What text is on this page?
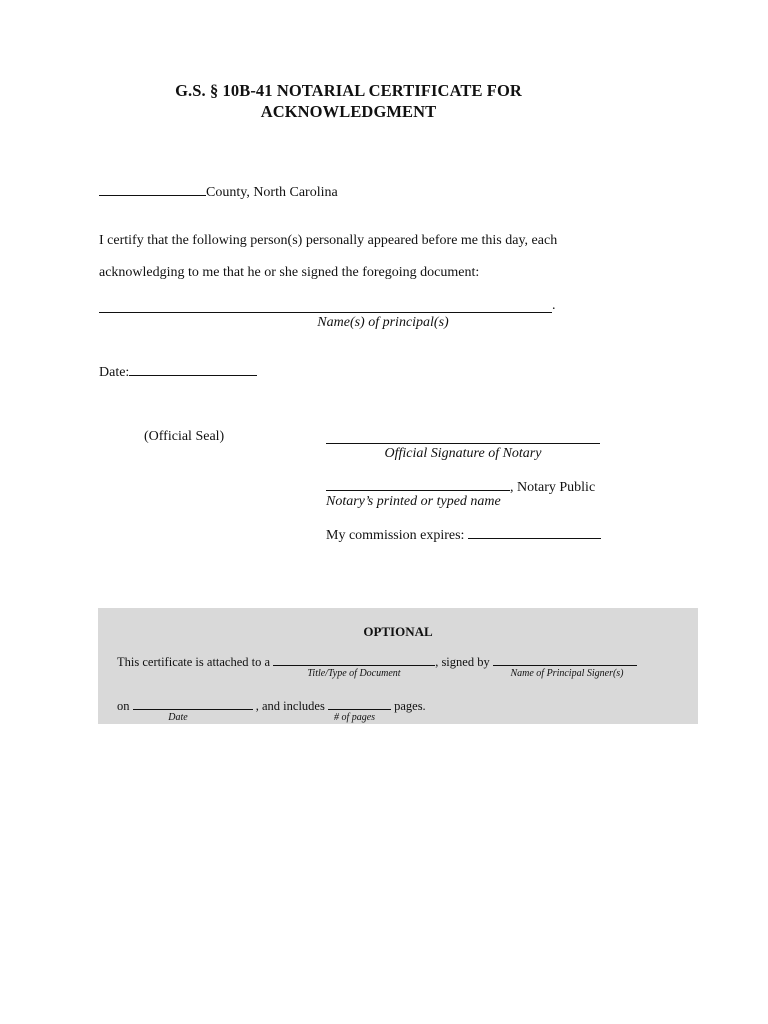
G.S. § 10B-41 NOTARIAL CERTIFICATE FOR
ACKNOWLEDGMENT
County, North Carolina
I certify that the following person(s) personally appeared before me this day, each
acknowledging to me that he or she signed the foregoing document:
.
Name(s) of principal(s)
Date:
(Official Seal)
Official Signature of Notary
, Notary Public
Notary’s printed or typed name
My commission expires:
OPTIONAL
This certificate is attached to a	, signed by
Title/Type of Document	Name of Principal Signer(s)
on	, and includes	pages.
Date	# of pages
